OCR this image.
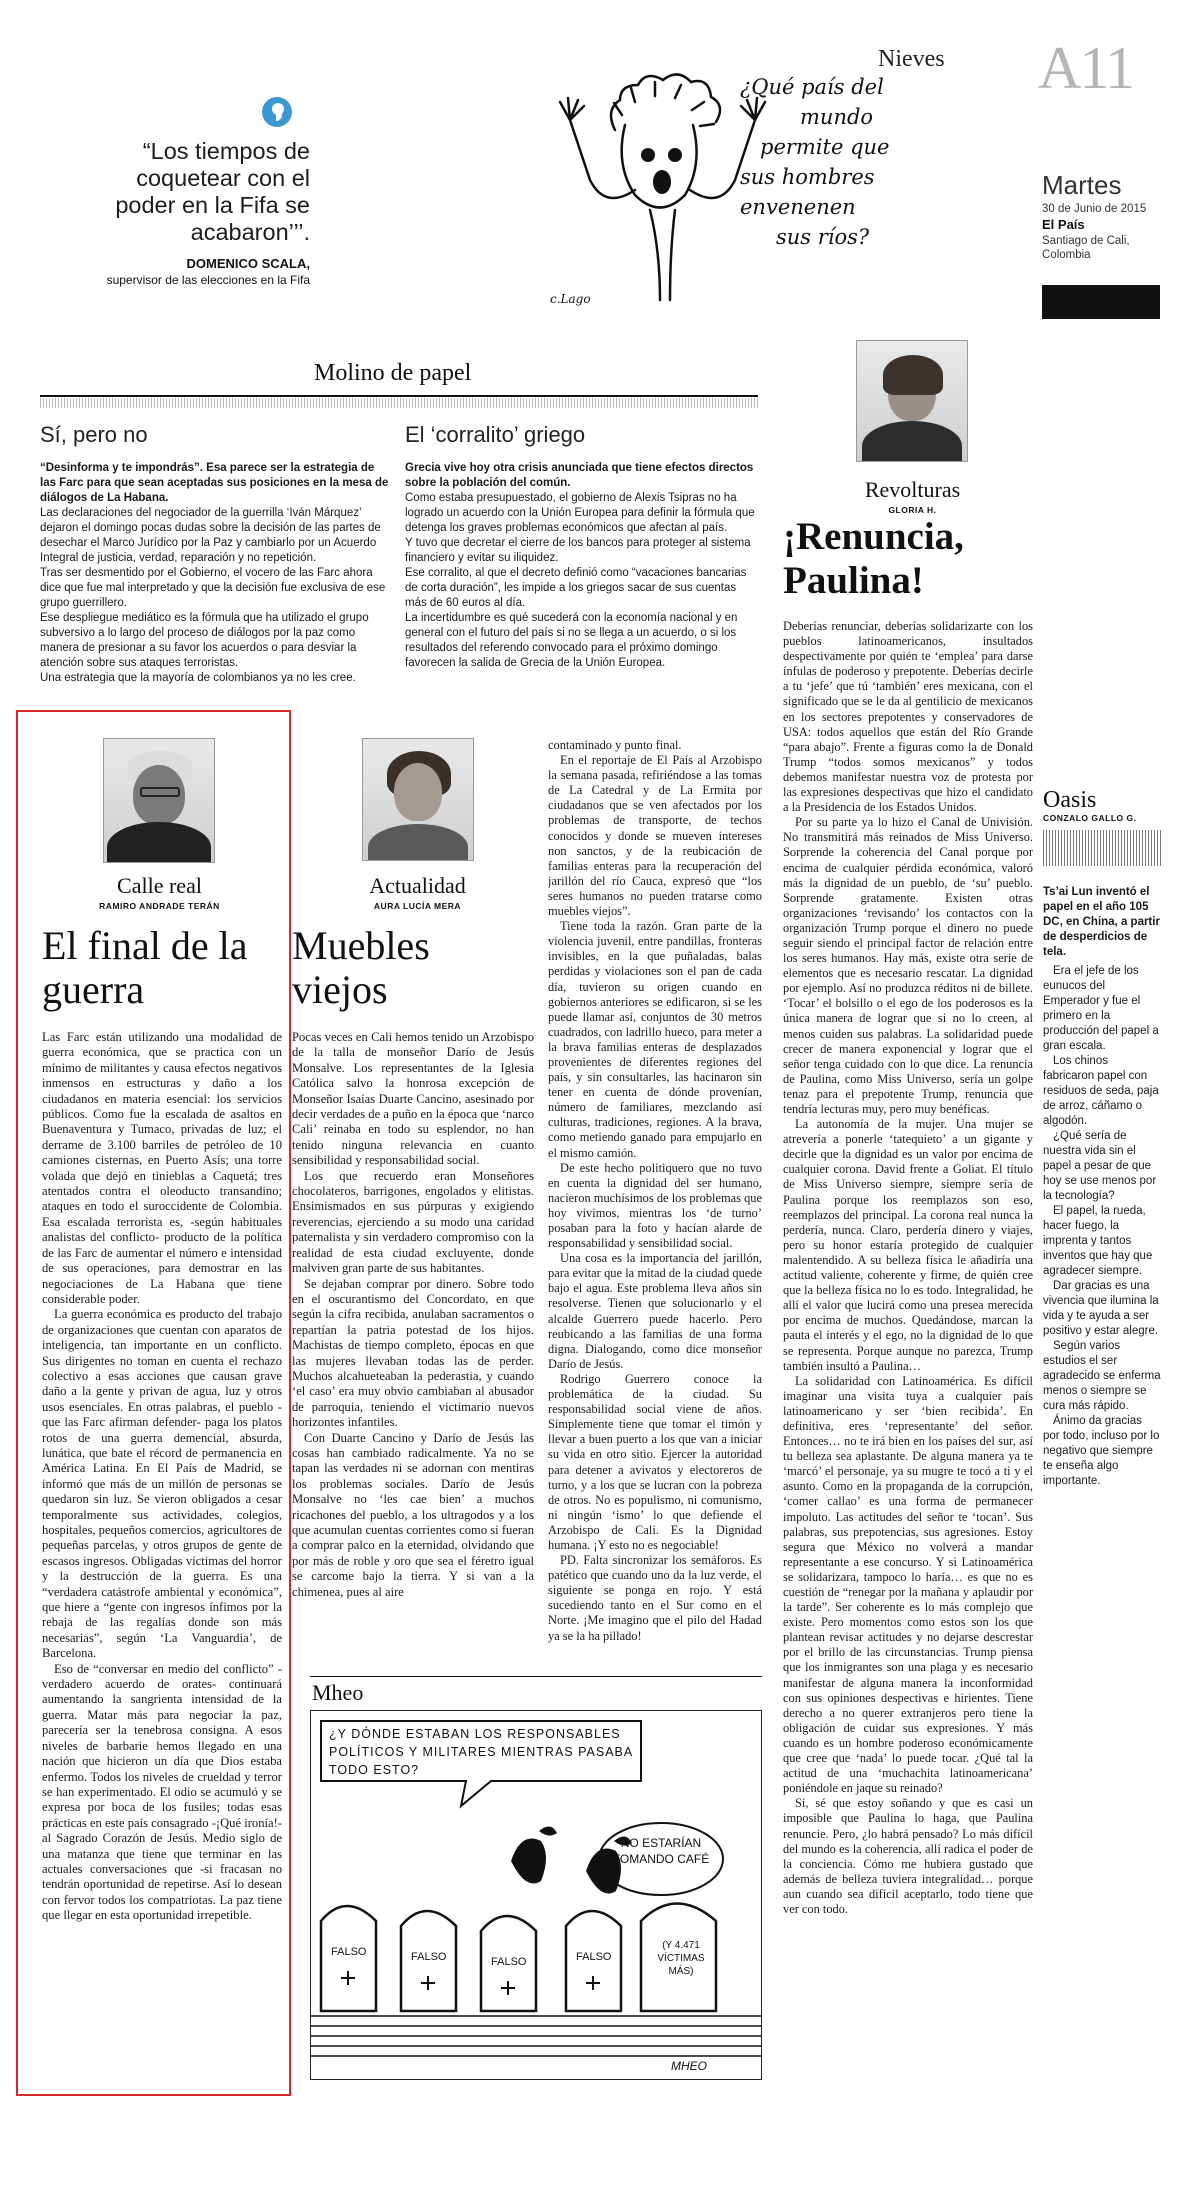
Nieves A11
Martes
30 de Junio de 2015
El País
Santiago de Cali, Colombia
“Los tiempos de coquetear con el poder en la Fifa se acabaron’’’.
DOMENICO SCALA,
supervisor de las elecciones en la Fifa
¿Qué país del
mundo
permite que
sus hombres
envenenen
sus ríos?
c.Lago
Molino de papel
Sí, pero no

“Desinforma y te impondrás”. Esa parece ser la estrategia de las Farc para que sean aceptadas sus posiciones en la mesa de diálogos de La Habana.

Las declaraciones del negociador de la guerrilla ‘Iván Márquez’ dejaron el domingo pocas dudas sobre la decisión de las partes de desechar el Marco Jurídico por la Paz y cambiarlo por un Acuerdo Integral de justicia, verdad, reparación y no repetición.

Tras ser desmentido por el Gobierno, el vocero de las Farc ahora dice que fue mal interpretado y que la decisión fue exclusiva de ese grupo guerrillero.

Ese despliegue mediático es la fórmula que ha utilizado el grupo subversivo a lo largo del proceso de diálogos por la paz como manera de presionar a su favor los acuerdos o para desviar la atención sobre sus ataques terroristas.

Una estrategia que la mayoría de colombianos ya no les cree.

El ‘corralito’ griego

Grecia vive hoy otra crisis anunciada que tiene efectos directos sobre la población del común.

Como estaba presupuestado, el gobierno de Alexis Tsipras no ha logrado un acuerdo con la Unión Europea para definir la fórmula que detenga los graves problemas económicos que afectan al país.

Y tuvo que decretar el cierre de los bancos para proteger al sistema financiero y evitar su iliquidez.

Ese corralito, al que el decreto definió como “vacaciones bancarias de corta duración”, les impide a los griegos sacar de sus cuentas más de 60 euros al día.

La incertidumbre es qué sucederá con la economía nacional y en general con el futuro del país si no se llega a un acuerdo, o si los resultados del referendo convocado para el próximo domingo favorecen la salida de Grecia de la Unión Europea.

Revolturas
GLORIA H.
¡Renuncia, Paulina!

Deberías renunciar, deberías solidarizarte con los pueblos latinoamericanos, insultados despectivamente por quién te ‘emplea’ para darse ínfulas de poderoso y prepotente. Deberías decirle a tu ‘jefe’ que tú ‘también’ eres mexicana, con el significado que se le da al gentilicio de mexicanos en los sectores prepotentes y conservadores de USA: todos aquellos que están del Río Grande “para abajo”. Frente a figuras como la de Donald Trump “todos somos mexicanos” y todos debemos manifestar nuestra voz de protesta por las expresiones despectivas que hizo el candidato a la Presidencia de los Estados Unidos.

Por su parte ya lo hizo el Canal de Univisión. No transmitirá más reinados de Miss Universo. Sorprende la coherencia del Canal porque por encima de cualquier pérdida económica, valoró más la dignidad de un pueblo, de ‘su’ pueblo. Sorprende gratamente. Existen otras organizaciones ‘revisando’ los contactos con la organización Trump porque el dinero no puede seguir siendo el principal factor de relación entre los seres humanos. Hay más, existe otra serie de elementos que es necesario rescatar. La dignidad por ejemplo. Así no produzca réditos ni de billete. ‘Tocar’ el bolsillo o el ego de los poderosos es la única manera de lograr que si no lo creen, al menos cuiden sus palabras. La solidaridad puede crecer de manera exponencial y lograr que el señor tenga cuidado con lo que dice. La renuncia de Paulina, como Miss Universo, sería un golpe tenaz para el prepotente Trump, renuncia que tendría lecturas muy, pero muy benéficas.

La autonomía de la mujer. Una mujer se atrevería a ponerle ‘tatequieto’ a un gigante y decirle que la dignidad es un valor por encima de cualquier corona. David frente a Goliat. El título de Miss Universo siempre, siempre sería de Paulina porque los reemplazos son eso, reemplazos del principal. La corona real nunca la perdería, nunca. Claro, perdería dinero y viajes, pero su honor estaría protegido de cualquier malentendido. A su belleza física le añadiría una actitud valiente, coherente y firme, de quién cree que la belleza física no lo es todo. Integralidad, he allí el valor que lucirá como una presea merecida por encima de muchos. Quedándose, marcan la pauta el interés y el ego, no la dignidad de lo que se representa. Porque aunque no parezca, Trump también insultó a Paulina…

La solidaridad con Latinoamérica. Es difícil imaginar una visita tuya a cualquier país latinoamericano y ser ‘bien recibida’. En definitiva, eres ‘representante’ del señor. Entonces… no te irá bien en los países del sur, así tu belleza sea aplastante. De alguna manera ya te ‘marcó’ el personaje, ya su mugre te tocó a ti y el asunto. Como en la propaganda de la corrupción, ‘comer callao’ es una forma de permanecer impoluto. Las actitudes del señor te ‘tocan’. Sus palabras, sus prepotencias, sus agresiones. Estoy segura que México no volverá a mandar representante a ese concurso. Y si Latinoamérica se solidarizara, tampoco lo haría… es que no es cuestión de “renegar por la mañana y aplaudir por la tarde”. Ser coherente es lo más complejo que existe. Pero momentos como estos son los que plantean revisar actitudes y no dejarse descrestar por el brillo de las circunstancias. Trump piensa que los inmigrantes son una plaga y es necesario manifestar de alguna manera la inconformidad con sus opiniones despectivas e hirientes. Tiene derecho a no querer extranjeros pero tiene la obligación de cuidar sus expresiones. Y más cuando es un hombre poderoso económicamente que cree que ‘nada’ lo puede tocar. ¿Qué tal la actitud de una ‘muchachita latinoamericana’ poniéndole en jaque su reinado?

Sí, sé que estoy soñando y que es casi un imposible que Paulina lo haga, que Paulina renuncie. Pero, ¿lo habrá pensado? Lo más difícil del mundo es la coherencia, allí radica el poder de la conciencia. Cómo me hubiera gustado que además de belleza tuviera integralidad… porque aun cuando sea difícil aceptarlo, todo tiene que ver con todo.

Oasis
CONZALO GALLO G.

Ts’ai Lun inventó el papel en el año 105 DC, en China, a partir de desperdicios de tela.

Era el jefe de los eunucos del Emperador y fue el primero en la producción del papel a gran escala.

Los chinos fabricaron papel con residuos de seda, paja de arroz, cáñamo o algodón.

¿Qué sería de nuestra vida sin el papel a pesar de que hoy se use menos por la tecnología?

El papel, la rueda, hacer fuego, la imprenta y tantos inventos que hay que agradecer siempre.

Dar gracias es una vivencia que ilumina la vida y te ayuda a ser positivo y estar alegre.

Según varios estudios el ser agradecido se enferma menos o siempre se cura más rápido.

Ánimo da gracias por todo, incluso por lo negativo que siempre te enseña algo importante.

Calle real
RAMIRO ANDRADE TERÁN
El final de la guerra

Las Farc están utilizando una modalidad de guerra económica, que se practica con un mínimo de militantes y causa efectos negativos inmensos en estructuras y daño a los ciudadanos en materia esencial: los servicios públicos. Como fue la escalada de asaltos en Buenaventura y Tumaco, privadas de luz; el derrame de 3.100 barriles de petróleo de 10 camiones cisternas, en Puerto Asís; una torre volada que dejó en tinieblas a Caquetá; tres atentados contra el oleoducto transandino; ataques en todo el suroccidente de Colombia. Esa escalada terrorista es, -según habituales analistas del conflicto- producto de la política de las Farc de aumentar el número e intensidad de sus operaciones, para demostrar en las negociaciones de La Habana que tiene considerable poder.

La guerra económica es producto del trabajo de organizaciones que cuentan con aparatos de inteligencia, tan importante en un conflicto. Sus dirigentes no toman en cuenta el rechazo colectivo a esas acciones que causan grave daño a la gente y privan de agua, luz y otros usos esenciales. En otras palabras, el pueblo -que las Farc afirman defender- paga los platos rotos de una guerra demencial, absurda, lunática, que bate el récord de permanencia en América Latina. En El País de Madrid, se informó que más de un millón de personas se quedaron sin luz. Se vieron obligados a cesar temporalmente sus actividades, colegios, hospitales, pequeños comercios, agricultores de pequeñas parcelas, y otros grupos de gente de escasos ingresos. Obligadas víctimas del horror y la destrucción de la guerra. Es una “verdadera catástrofe ambiental y económica”, que hiere a “gente con ingresos ínfimos por la rebaja de las regalías donde son más necesarias”, según ‘La Vanguardia’, de Barcelona.

Eso de “conversar en medio del conflicto” -verdadero acuerdo de orates- continuará aumentando la sangrienta intensidad de la guerra. Matar más para negociar la paz, parecería ser la tenebrosa consigna. A esos niveles de barbarie hemos llegado en una nación que hicieron un día que Dios estaba enfermo. Todos los niveles de crueldad y terror se han experimentado. El odio se acumuló y se expresa por boca de los fusiles; todas esas prácticas en este país consagrado -¡Qué ironía!- al Sagrado Corazón de Jesús. Medio siglo de una matanza que tiene que terminar en las actuales conversaciones que -si fracasan no tendrán oportunidad de repetirse. Así lo desean con fervor todos los compatriotas. La paz tiene que llegar en esta oportunidad irrepetible.

Actualidad
AURA LUCÍA MERA
Muebles viejos

Pocas veces en Cali hemos tenido un Arzobispo de la talla de monseñor Darío de Jesús Monsalve. Los representantes de la Iglesia Católica salvo la honrosa excepción de Monseñor Isaías Duarte Cancino, asesinado por decir verdades de a puño en la época que ‘narco Cali’ reinaba en todo su esplendor, no han tenido ninguna relevancia en cuanto sensibilidad y responsabilidad social.

Los que recuerdo eran Monseñores chocolateros, barrigones, engolados y elitistas. Ensimismados en sus púrpuras y exigiendo reverencias, ejerciendo a su modo una caridad paternalista y sin verdadero compromiso con la realidad de esta ciudad excluyente, donde malviven gran parte de sus habitantes.

Se dejaban comprar por dinero. Sobre todo en el oscurantismo del Concordato, en que según la cifra recibida, anulaban sacramentos o repartían la patria potestad de los hijos. Machistas de tiempo completo, épocas en que las mujeres llevaban todas las de perder. Muchos alcahueteaban la pederastia, y cuando ‘el caso’ era muy obvio cambiaban al abusador de parroquia, teniendo el victimario nuevos horizontes infantiles.

Con Duarte Cancino y Darío de Jesús las cosas han cambiado radicalmente. Ya no se tapan las verdades ni se adornan con mentiras los problemas sociales. Darío de Jesús Monsalve no ‘les cae bien’ a muchos ricachones del pueblo, a los ultragodos y a los que acumulan cuentas corrientes como si fueran a comprar palco en la eternidad, olvidando que por más de roble y oro que sea el féretro igual se carcome bajo la tierra. Y si van a la chimenea, pues al aire

contaminado y punto final.

En el reportaje de El País al Arzobispo la semana pasada, refiriéndose a las tomas de La Catedral y de La Ermita por ciudadanos que se ven afectados por los problemas de transporte, de techos conocidos y donde se mueven intereses non sanctos, y de la reubicación de familias enteras para la recuperación del jarillón del río Cauca, expresó que “los seres humanos no pueden tratarse como muebles viejos”.

Tiene toda la razón. Gran parte de la violencia juvenil, entre pandillas, fronteras invisibles, en la que puñaladas, balas perdidas y violaciones son el pan de cada día, tuvieron su origen cuando en gobiernos anteriores se edificaron, si se les puede llamar así, conjuntos de 30 metros cuadrados, con ladrillo hueco, para meter a la brava familias enteras de desplazados provenientes de diferentes regiones del país, y sin consultarles, las hacinaron sin tener en cuenta de dónde provenían, número de familiares, mezclando así culturas, tradiciones, regiones. A la brava, como metiendo ganado para empujarlo en el mismo camión.

De este hecho politiquero que no tuvo en cuenta la dignidad del ser humano, nacieron muchísimos de los problemas que hoy vivimos, mientras los ‘de turno’ posaban para la foto y hacían alarde de responsabilidad y sensibilidad social.

Una cosa es la importancia del jarillón, para evitar que la mitad de la ciudad quede bajo el agua. Este problema lleva años sin resolverse. Tienen que solucionarlo y el alcalde Guerrero puede hacerlo. Pero reubicando a las familias de una forma digna. Dialogando, como dice monseñor Darío de Jesús.

Rodrigo Guerrero conoce la problemática de la ciudad. Su responsabilidad social viene de años. Simplemente tiene que tomar el timón y llevar a buen puerto a los que van a iniciar su vida en otro sitio. Ejercer la autoridad para detener a avivatos y electoreros de turno, y a los que se lucran con la pobreza de otros. No es populismo, ni comunismo, ni ningún ‘ismo’ lo que defiende el Arzobispo de Cali. Es la Dignidad humana. ¡Y esto no es negociable!

PD. Falta sincronizar los semáforos. Es patético que cuando uno da la luz verde, el siguiente se ponga en rojo. Y está sucediendo tanto en el Sur como en el Norte. ¡Me imagino que el pilo del Hadad ya se la ha pillado!

Mheo
¿Y DÓNDE ESTABAN LOS RESPONSABLES POLÍTICOS Y MILITARES MIENTRAS PASABA TODO ESTO?
NO ESTARÍAN TOMANDO CAFÉ
FALSO	FALSO	FALSO	FALSO
(Y 4.471 VÍCTIMAS MÁS)
MHEO
